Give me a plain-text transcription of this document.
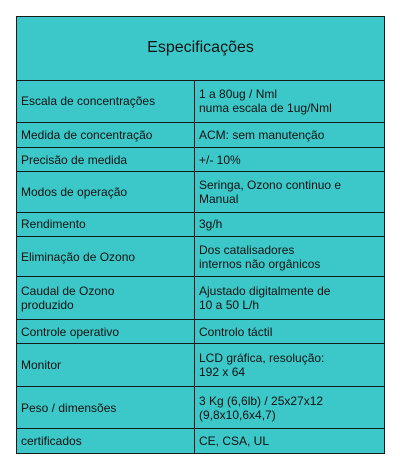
Especificações	
Escala de concentrações	1 a 80ug / Nml
numa escala de 1ug/Nml
Medida de concentração	ACM: sem manutenção
Precisão de medida	+/- 10%
Modos de operação	Seringa, Ozono continuo e
Manual
Rendimento	3g/h
Eliminação de Ozono	Dos catalisadores
internos não orgânicos
Caudal de Ozono
produzido	Ajustado digitalmente de
10 a 50 L/h
Controle operativo	Controlo táctil
Monitor	LCD gráfica, resolução:
192 x 64
Peso / dimensões	3 Kg (6,6lb) / 25x27x12
(9,8x10,6x4,7)
certificados	CE, CSA, UL
